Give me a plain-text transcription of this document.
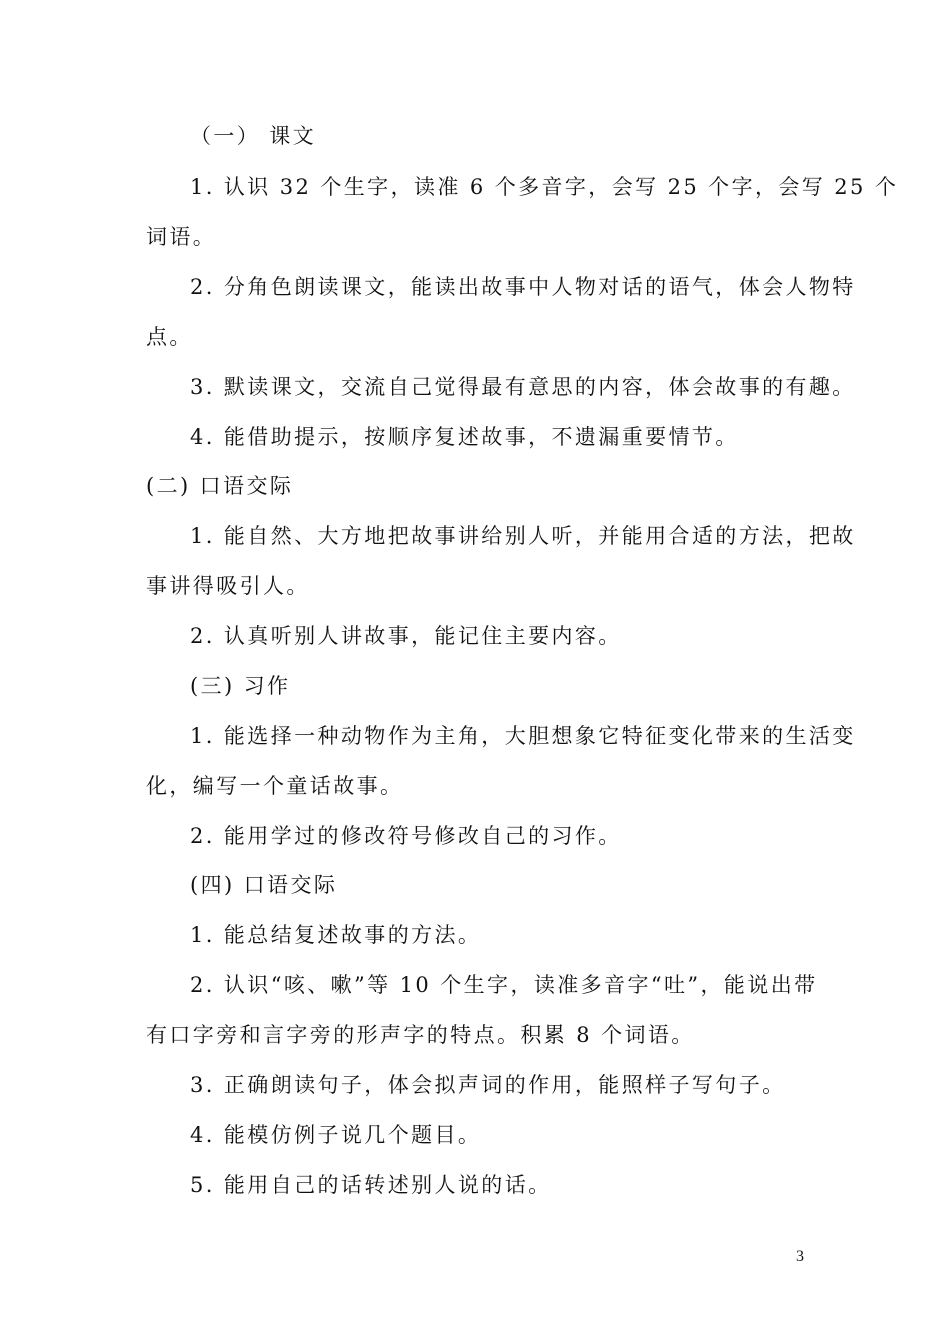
（一） 课文
1. 认识 32 个生字，读准 6 个多音字，会写 25 个字，会写 25 个
词语。
2. 分角色朗读课文，能读出故事中人物对话的语气，体会人物特
点。
3. 默读课文，交流自己觉得最有意思的内容，体会故事的有趣。
4. 能借助提示，按顺序复述故事，不遗漏重要情节。
(二) 口语交际
1. 能自然、大方地把故事讲给别人听，并能用合适的方法，把故
事讲得吸引人。
2. 认真听别人讲故事，能记住主要内容。
(三) 习作
1. 能选择一种动物作为主角，大胆想象它特征变化带来的生活变
化，编写一个童话故事。
2. 能用学过的修改符号修改自己的习作。
(四) 口语交际
1. 能总结复述故事的方法。
2. 认识“咳、嗽”等 10 个生字，读准多音字“吐”，能说出带
有口字旁和言字旁的形声字的特点。积累 8 个词语。
3. 正确朗读句子，体会拟声词的作用，能照样子写句子。
4. 能模仿例子说几个题目。
5. 能用自己的话转述别人说的话。
3
